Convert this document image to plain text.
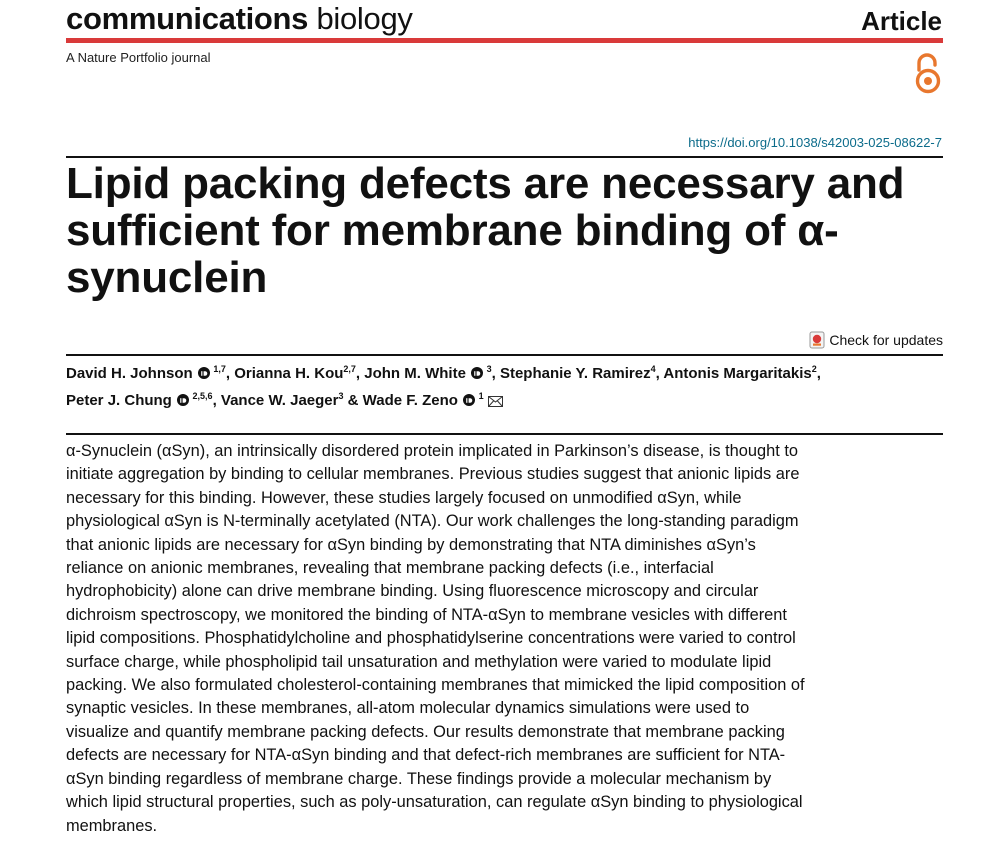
communications biology	Article
A Nature Portfolio journal
https://doi.org/10.1038/s42003-025-08622-7
Lipid packing defects are necessary and sufficient for membrane binding of α-synuclein
Check for updates

David H. Johnson  $^{1,7}$, Orianna H. Kou$^{2,7}$, John M. White  $^3$, Stephanie Y. Ramirez$^4$, Antonis Margaritakis$^2$,
Peter J. Chung  $^{2,5,6}$, Vance W. Jaeger$^3$ & Wade F. Zeno  $^1$

α-Synuclein (αSyn), an intrinsically disordered protein implicated in Parkinson’s disease, is thought to initiate aggregation by binding to cellular membranes. Previous studies suggest that anionic lipids are necessary for this binding. However, these studies largely focused on unmodified αSyn, while physiological αSyn is N-terminally acetylated (NTA). Our work challenges the long-standing paradigm that anionic lipids are necessary for αSyn binding by demonstrating that NTA diminishes αSyn’s reliance on anionic membranes, revealing that membrane packing defects (i.e., interfacial hydrophobicity) alone can drive membrane binding. Using fluorescence microscopy and circular dichroism spectroscopy, we monitored the binding of NTA-αSyn to membrane vesicles with different lipid compositions. Phosphatidylcholine and phosphatidylserine concentrations were varied to control surface charge, while phospholipid tail unsaturation and methylation were varied to modulate lipid packing. We also formulated cholesterol-containing membranes that mimicked the lipid composition of synaptic vesicles. In these membranes, all-atom molecular dynamics simulations were used to visualize and quantify membrane packing defects. Our results demonstrate that membrane packing defects are necessary for NTA-αSyn binding and that defect-rich membranes are sufficient for NTA-αSyn binding regardless of membrane charge. These findings provide a molecular mechanism by which lipid structural properties, such as poly-unsaturation, can regulate αSyn binding to physiological membranes.
